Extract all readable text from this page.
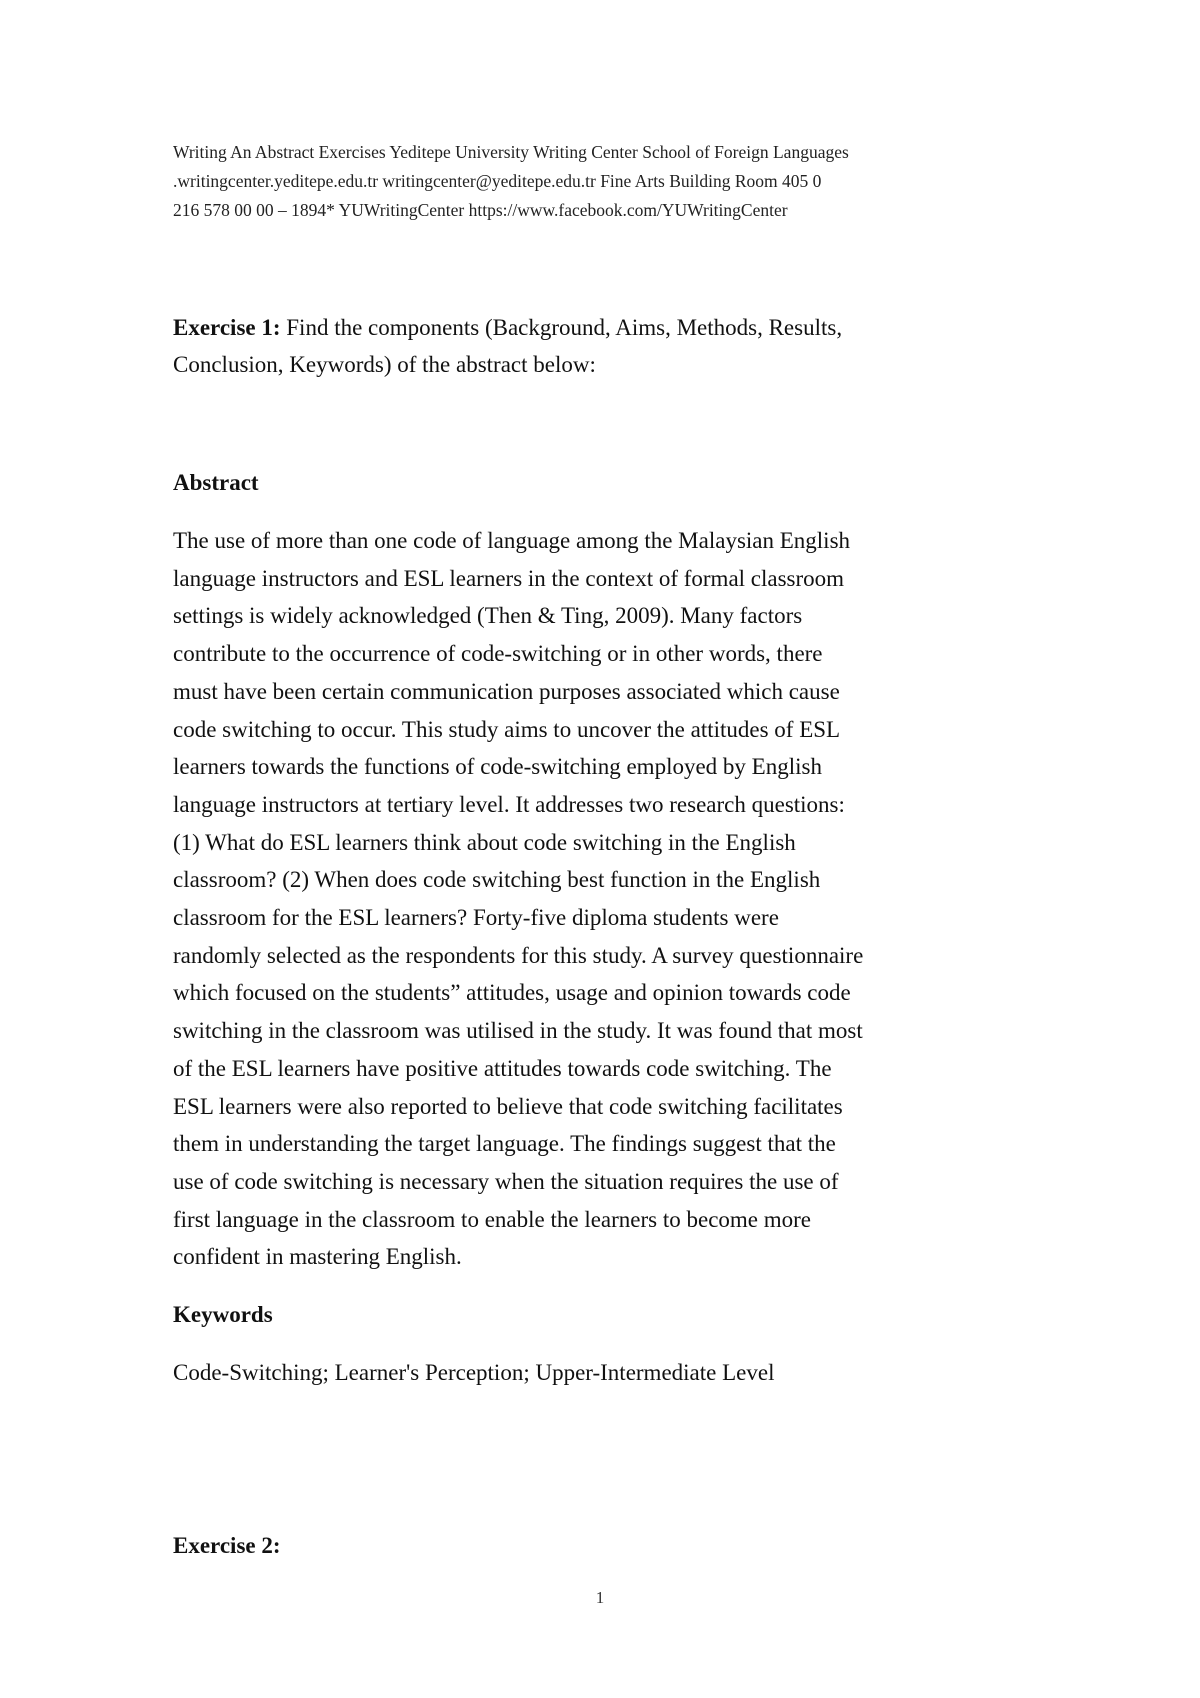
Writing An Abstract Exercises Yeditepe University Writing Center School of Foreign Languages
.writingcenter.yeditepe.edu.tr writingcenter@yeditepe.edu.tr Fine Arts Building Room 405 0
216 578 00 00 – 1894* YUWritingCenter https://www.facebook.com/YUWritingCenter

Exercise 1: Find the components (Background, Aims, Methods, Results,
Conclusion, Keywords) of the abstract below:

Abstract

The use of more than one code of language among the Malaysian English
language instructors and ESL learners in the context of formal classroom
settings is widely acknowledged (Then & Ting, 2009). Many factors
contribute to the occurrence of code-switching or in other words, there
must have been certain communication purposes associated which cause
code switching to occur. This study aims to uncover the attitudes of ESL
learners towards the functions of code-switching employed by English
language instructors at tertiary level. It addresses two research questions:
(1) What do ESL learners think about code switching in the English
classroom? (2) When does code switching best function in the English
classroom for the ESL learners? Forty-five diploma students were
randomly selected as the respondents for this study. A survey questionnaire
which focused on the students” attitudes, usage and opinion towards code
switching in the classroom was utilised in the study. It was found that most
of the ESL learners have positive attitudes towards code switching. The
ESL learners were also reported to believe that code switching facilitates
them in understanding the target language. The findings suggest that the
use of code switching is necessary when the situation requires the use of
first language in the classroom to enable the learners to become more
confident in mastering English.

Keywords

Code-Switching; Learner's Perception; Upper-Intermediate Level

Exercise 2:

1
